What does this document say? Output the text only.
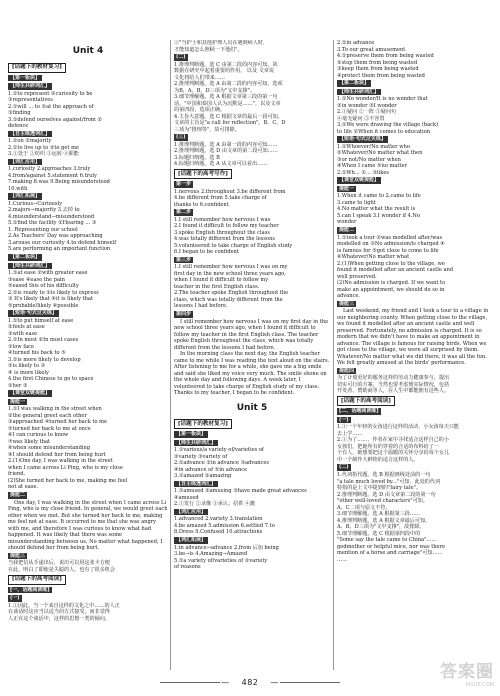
Unit 4
[话题下的教材复习]
【第一板块】
【师生共研词汇】
1.①to represent ②curiosity to be
③representatives
2.①will ... to ②at the approach of
③finding
3.①defend ourselves against/from ②
defence
【自主练透词汇】
1.①on ②majority
2.①to live up to ②to get me
3.①处于 ②纺织 ③运转 ④职能
【词汇应用】
1.curiosity 2.approaches 3.truly
4.from/against 5.statement 6.truly
7.making 8.was 9.Being misunderstood
10.with
【词汇拓展】
1.Curious→Curiously
2.majors→majority 3.去掉 to
4.misunderstand→misunderstood
5.①find the facility ②Hearing ... ③
1. Representing our school
2.As Teachers' Day was approaching
3.arouse our curiosity 4.to defend himself
5.are performing an important function
【第二板块】
【师生共研词汇】
1.①at ease ②with greater ease
③ease ④ease the pain
⑤eased this of his difficulty
2.①is ready to ②is likely to express
③ It's likely that ④it is likely that
⑤probable/likely ⑥possible
【短语·句式过关练】
1.①to put himself at ease
②feels at ease
③with ease
2.①In most ②In most cases
③low face
④turned his back to ⑤
3.①is more likely to develop
②is likely to ③
④ is more likely
4.the first Chinese to go to space
②her ③
【课堂双链提能】
提能一
1.①I was walking in the street when
②the general greet each other
③approached ④turned her back to me
⑤turned her back to me at once
⑥I can curious to know
⑦was likely that
⑧when some misunderstanding
⑨I should defend her from being hurt
2.(1)One day, I was walking in the street
when I came across Li Ping, who is my close
friend.
(2)She turned her back to me, making me feel
not at ease.
提能二
One day, I was walking in the street when I came across Li Ping, who is my close friend. In general, we would greet each other when we met. But she turned her back to me, making me feel not at ease. It occurred to me that she was angry with me, and therefore I was curious to know what had happened. It was likely that there was some misunderstanding between us. No matter what happened, I should defend her from being hurt.
提能三
当我把信从手递出后，说出可以用这张卡方便
在此，明白了即使是失聪的人，也有了很多机会
[话题下的高考阅读]
[一、话题阅读练]
(一)
1.①因此，当一个来自这样的文化之中……的人正
在谈话时这应当以适当的方式接受，而非觉得
人正在这个谈话中，这样的思想一类的倾向。
②"当护士和其他护理人员在遇到病人时，
才能知道怎么照顾一下他们"。
(二)
1.推理判断题。选 C 由第二段的内容可知，故
数据在研究中起着重要的作用。 以及 文章说
文化将给人们带来……
2.推理判断题。选 A 由第二段的内容可知，选项
为B，A，B，D三项为"文中支撑"。
3.细节理解题。选 A 根据文章第三段的第一句
话，"中国和泰国人认为沉默是……"，以及文章
的第四段，选项正确。
4.主旨大意题。选 C 根据文章的最后一段可知，
文章的主旨是"a call for reflection"。B、C、D
三项为"推理等"，故可排除。
(三)
1.推理判断题。选 A 由第一段的内容可知……
2.推理判断题。选 D 由文章的第二段可知……
3.标题归纳题。选 B
4.标题归纳题。选 A 从文章可以看出……
[话题下的高考写作]
第一步
1.nervous 2.throughout 3.be different from
4.be different from 5.take charge of
thanks to 6.confident
第二步
1.I still remember how nervous I was
2.I found it difficult to follow my teacher
3.spoke English throughout the class
4.was totally different from the lessons
5.volunteered to take charge of English study
6.I began to be confident
第三步
1.I still remember how nervous I was on my
first day in the new school three years ago,
when I found it difficult to follow my
teacher in the first English class.
2.The teacher spoke English throughout the
class, which was totally different from the
lessons I had before.
第四步
I still remember how nervous I was on my first day in the new school three years ago, when I found it difficult to follow my teacher in the first English class. The teacher spoke English throughout the class, which was totally different from the lessons I had before.
In the morning class the next day, the English teacher came to me while I was reading the text aloud on the stairs. After listening to me for a while, she gave me a big smile and said she liked my voice very much. The smile shone on the whole day and following days. A week later, I volunteered to take charge of English study of my class. Thanks to my teacher, I began to be confident.
Unit 5
[话题下的教材复习]
【第一板块】
【师生共研词汇】
1.①various/a variety of/varieties of
②variety ③variety of
2.①advance ②in advance ③advances
④in advance of ⑤in advance
3.①amazed ②amazing
【自主练透词汇】
1.①amused ②amusing ③have made great advances
④amused
2.①发行 ②录像 ③承认；招供 ④激
【词汇应用】
1.advanced 2.variety 3.translation
4.be amazed 5.admission 6.settled 7.to
8.Dress 9.Confused 10.attractions
【词汇拓展】
1.in advance→advance 2.from 后加 being
3.be→is 4.Amazing→Amazed
5.①a variety of/varieties of ②variety
of reasons
2.①in advance
3.To our great amusement
4.①preserve them from being wasted
②stop them from being wasted
③keep them from being wasted
④protect them from being wasted
【第二板块】
【师生共研词汇】
1.①No wonder/It is no wonder that
②in wonder ③I wonder
2.①疑问 ②一阵 ③疑问句
④毫无疑问 ⑤不容置
3.①We were drawing the village (back)
to life ②When it comes to education
【短语·句式过关练】
1.①Whoever/No matter who
②Whatever/No matter what then
③or not/No matter when
④When I came ⑤no matter
2.①Wh... ②... ③likes
【课堂双链提能】
提能一
1.When it came to 2.came to life
3.came to light
4.No matter what the result is
5.can I speak 3.I wonder if 4.No
wonder
提能二
1.①took a tour ②was modelled after/was
modelled on ③No admission/is charged ④
is famous for ⑤got close to come to life
⑥Whatever/No matter what
2.(1)When getting close to the village, we
found it modelled after an ancient castle and
well preserved.
(2)No admission is charged. If we want to
make an appointment, we should do so in
advance.
提能三
Last weekend, my friend and I took a tour to a village in our neighboring county. When getting close to the village, we found it modelled after an ancient castle and well preserved. Fortunately, no admission is charged. It is so modern that we didn't have to make an appointment in advance. The village is famous for raising birds. When we got close to the village, we were all surprised by them. Whatever/No matter what we did there, it was all the fun. We felt greatly amused at the birds' performance.
提能四
为了计划更好的服务这样的劳动力健康参与、提出
切实可行的方案，当然也要考虑到实际情况，包括
开发者、赞助商等人，在人生中都能拥有这些人。
[话题下的高考阅读]
[二、话题阅读练]
(一)
1.①一个年轻的女孩进行这样的活动，小女孩每天只能
去上学……
2.①为了……，作者在家中寻找适合这样自己的小
女孩们，把她所有的穿着的合适的布料给了一
个有人，她想要把这个温暖的关怀分享给每个女儿
中一个制作大鲜艳的适合这样的人。
(二)
1.代词指代题。选 B 根据画线处前的一句
"a tale much loved by..."可知，此处的代词
特指的是上文中提到的"fairy tale"。
2.推理判断题。选 D 由文章第二段的第一句
"other well-loved characters"可知。
A、C二项与原文不符。
3.细节理解题。选 A 根据第三段……
4.推理判断题。选 A 根据文章最后可知。
A、B、D三项为"文中支撑"，故排除。
5.细节理解题。选 C 根据第四段中的
"Some say the tale came to China"……
godmother or helpful mice, nor was there
mention of a horse and carriage"可知……
……
— 482 —
答案圈
MXQE.COM
